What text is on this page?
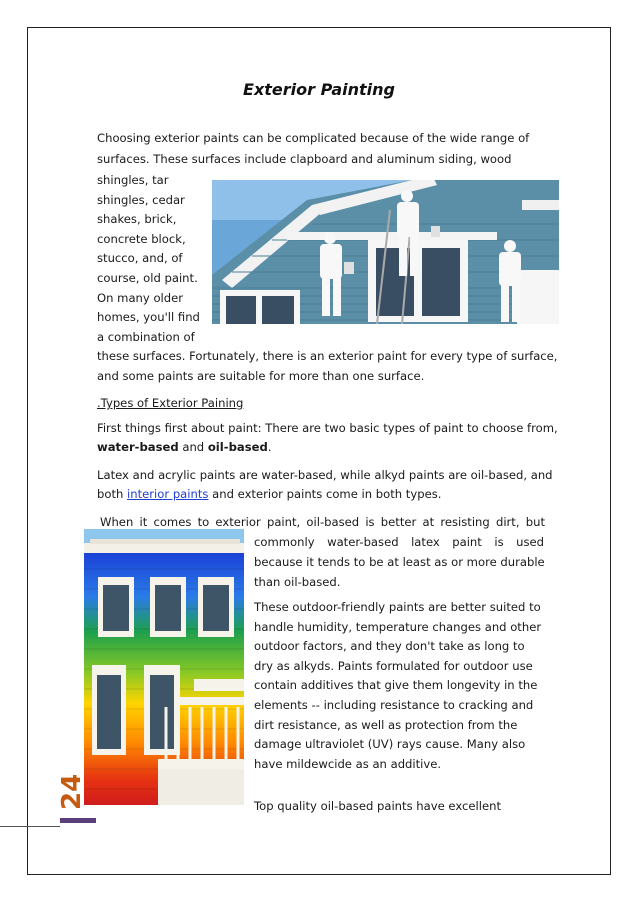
Exterior Painting
Choosing exterior paints can be complicated because of the wide range of
surfaces. These surfaces include clapboard and aluminum siding, wood
shingles, tar
shingles, cedar
shakes, brick,
concrete block,
stucco, and, of
course, old paint.
On many older
homes, you'll find
a combination of
these surfaces. Fortunately, there is an exterior paint for every type of surface,
and some paints are suitable for more than one surface.
.Types of Exterior Paining
First things first about paint: There are two basic types of paint to choose from,
water-based and oil-based.
Latex and acrylic paints are water-based, while alkyd paints are oil-based, and
both interior paints and exterior paints come in both types.
When it comes to exterior paint, oil-based is better at resisting dirt, but
commonly water-based latex paint is used
because it tends to be at least as or more durable
than oil-based.
These outdoor-friendly paints are better suited to
handle humidity, temperature changes and other
outdoor factors, and they don't take as long to
dry as alkyds. Paints formulated for outdoor use
contain additives that give them longevity in the
elements -- including resistance to cracking and
dirt resistance, as well as protection from the
damage ultraviolet (UV) rays cause. Many also
have mildewcide as an additive.
Top quality oil-based paints have excellent
24
